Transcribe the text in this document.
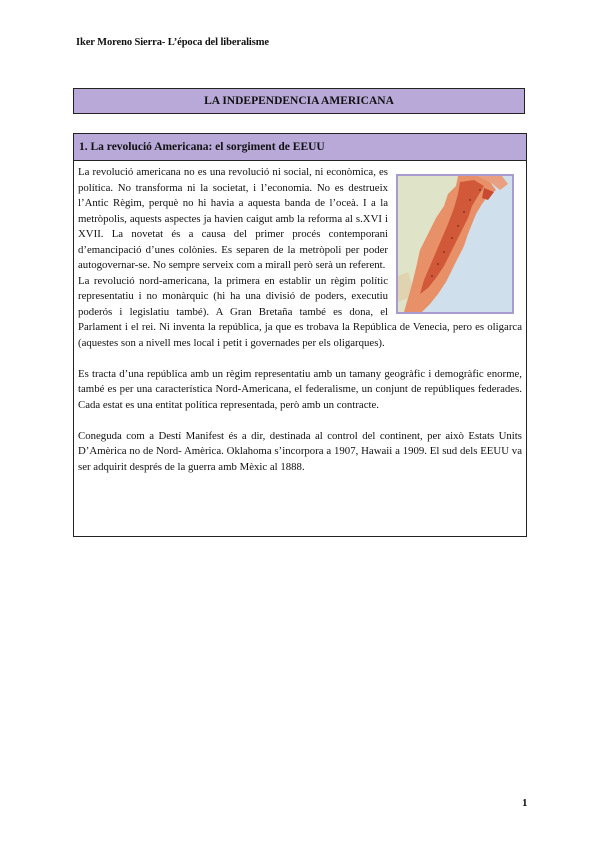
Iker Moreno Sierra- L’época del liberalisme
LA INDEPENDENCIA AMERICANA
1. La revolució Americana: el sorgiment de EEUU

La revolució americana no es una revolució ni social, ni econòmica, es política. No transforma ni la societat, i l’economia. No es destrueix l’Antic Règim, perquè no hi havia a aquesta banda de l’oceà. I a la metròpolis, aquests aspectes ja havien caigut amb la reforma al s.XVI i XVII. La novetat és a causa del primer procés contemporani d’emancipació d’unes colònies. Es separen de la metròpoli per poder autogovernar-se. No sempre serveix com a mirall però serà un referent.

La revolució nord-americana, la primera en establir un règim polític representatiu i no monàrquic (hi ha una divisió de poders, executiu poderós i legislatiu també). A Gran Bretaña també es dona, el Parlament i el rei. Ni inventa la república, ja que es trobava la República de Venecia, pero es oligarca (aquestes son a nivell mes local i petit i governades per els oligarques).

Es tracta d’una república amb un règim representatiu amb un tamany geogràfic i demogràfic enorme, també es per una característica Nord-Americana, el federalisme, un conjunt de repúbliques federades. Cada estat es una entitat política representada, però amb un contracte.

Coneguda com a Destí Manifest és a dir, destinada al control del continent, per això Estats Units D’Amèrica no de Nord- Amèrica. Oklahoma s’incorpora a 1907, Hawaii a 1909. El sud dels EEUU va ser adquirit després de la guerra amb Mèxic al 1888.

1
